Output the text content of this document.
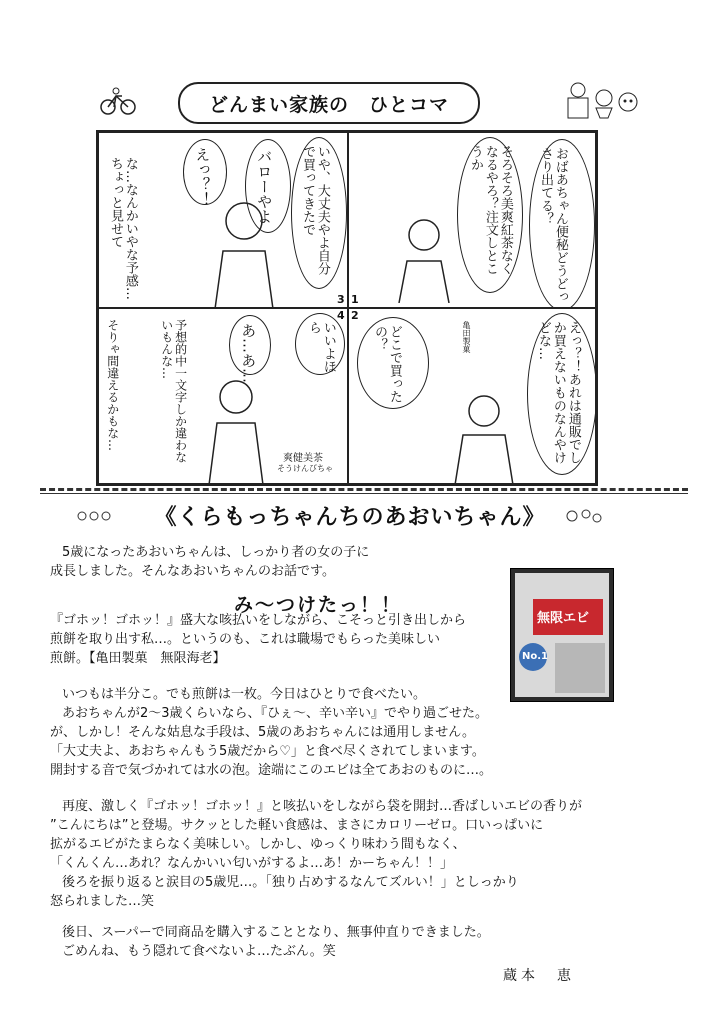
どんまい家族の　ひとコマ
そろそろ美爽紅茶なくなるやろ？注文しとこうか	おばあちゃん便秘どうどっさり出てる？
1
いや、大丈夫やよ自分で買ってきたで
バローやよ
えっ？！
な…なんかいやな予感…ちょっと見せて
3
どこで買ったの？	えっ？！あれは通販でしか買えないものなんやけどな…
亀田製菓
2
いいよほら
あ…あ…
予想的中一文字しか違わないもんな…
そりゃ間違えるかもな…
爽健美茶
そうけんびちゃ
4
《くらもっちゃんちのあおいちゃん》
5歳になったあおいちゃんは、しっかり者の女の子に
成長しました。そんなあおいちゃんのお話です。
み～つけたっ！！
無限エビ
No.1
『ゴホッ！ゴホッ！』盛大な咳払いをしながら、こそっと引き出しから
煎餅を取り出す私…。というのも、これは職場でもらった美味しい
煎餅。【亀田製菓　無限海老】
いつもは半分こ。でも煎餅は一枚。今日はひとりで食べたい。
あおちゃんが2～3歳くらいなら、『ひぇ～、辛い辛い』でやり過ごせた。
が、しかし！そんな姑息な手段は、5歳のあおちゃんには通用しません。
「大丈夫よ、あおちゃんもう5歳だから♡」と食べ尽くされてしまいます。
開封する音で気づかれては水の泡。途端にこのエビは全てあおのものに…。
再度、激しく『ゴホッ！ゴホッ！』と咳払いをしながら袋を開封…香ばしいエビの香りが
”こんにちは”と登場。サクッとした軽い食感は、まさにカロリーゼロ。口いっぱいに
拡がるエビがたまらなく美味しい。しかし、ゆっくり味わう間もなく、
「くんくん…あれ？なんかいい匂いがするよ…あ！かーちゃん！！」
後ろを振り返ると涙目の5歳児…。「独り占めするなんてズルい！」としっかり
怒られました…笑
後日、スーパーで同商品を購入することとなり、無事仲直りできました。
ごめんね、もう隠れて食べないよ…たぶん。笑
蔵本　恵
